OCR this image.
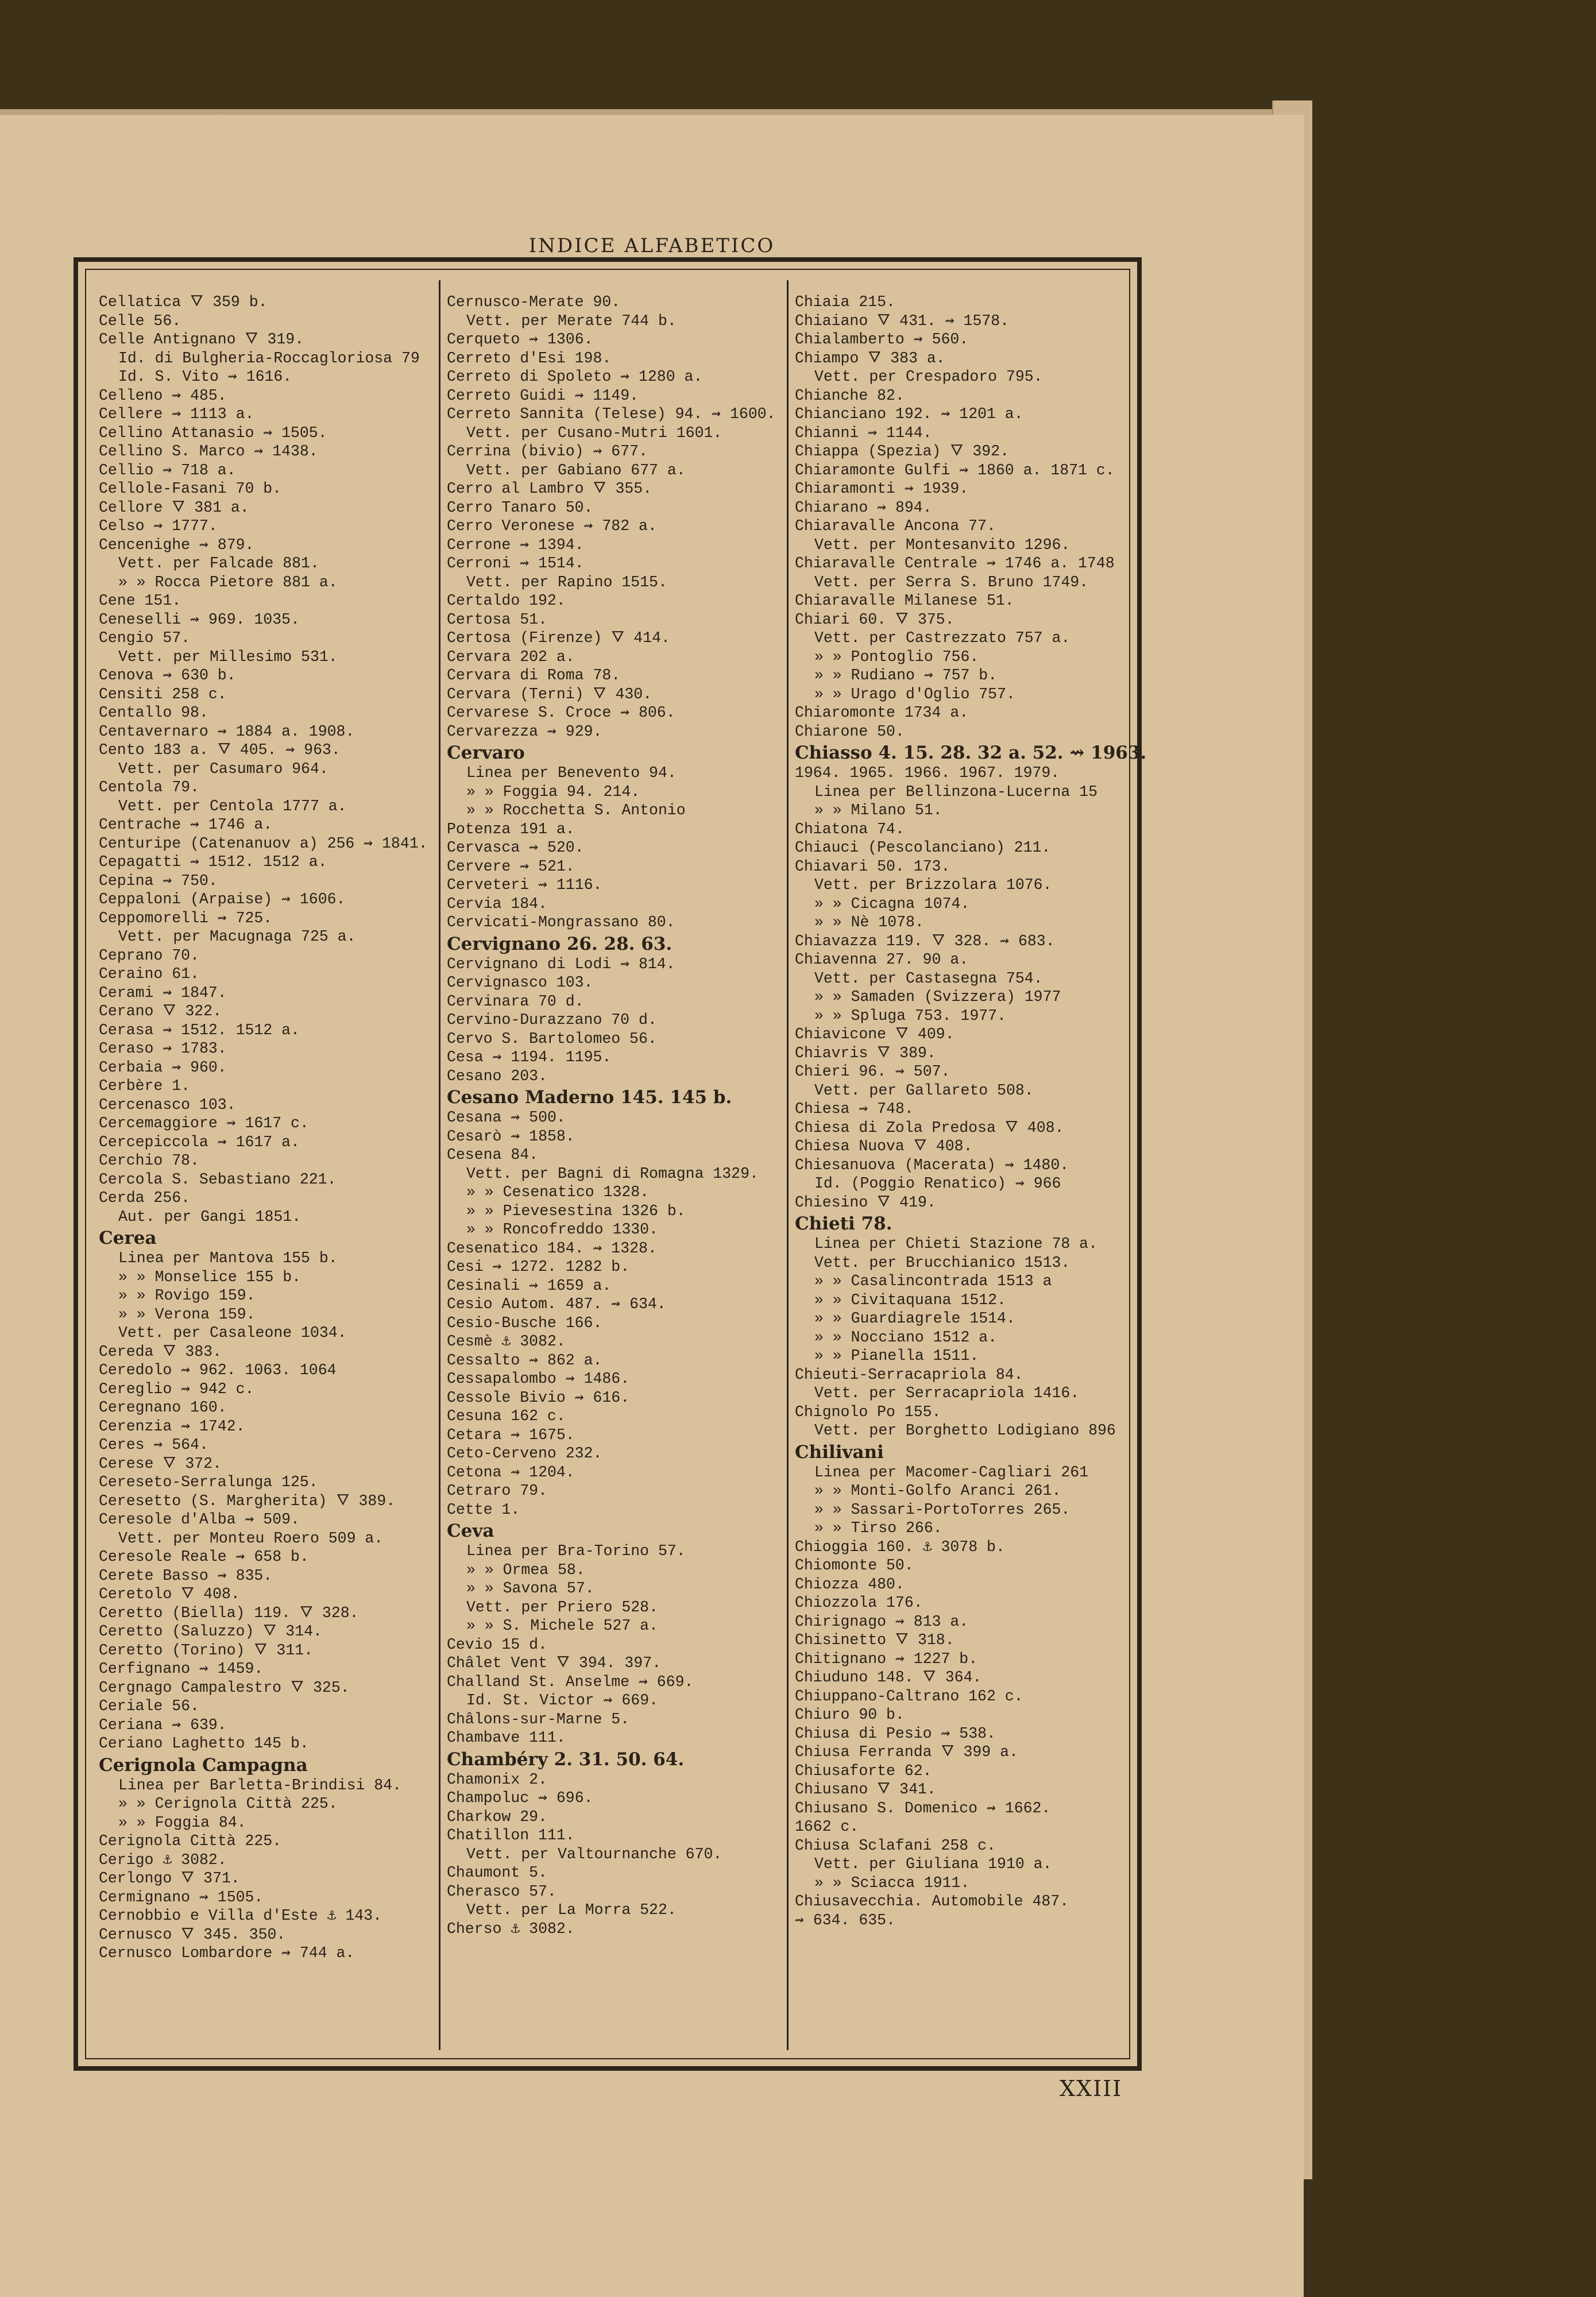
INDICE ALFABETICO
Cellatica 🜄 359 b.
Celle 56.
Celle Antignano 🜄 319.
Id. di Bulgheria-Roccagloriosa 79
Id. S. Vito ⇝ 1616.
Celleno ⇝ 485.
Cellere ⇝ 1113 a.
Cellino Attanasio ⇝ 1505.
Cellino S. Marco ⇝ 1438.
Cellio ⇝ 718 a.
Cellole-Fasani 70 b.
Cellore 🜄 381 a.
Celso ⇝ 1777.
Cencenighe ⇝ 879.
Vett. per Falcade 881.
» » Rocca Pietore 881 a.
Cene 151.
Ceneselli ⇝ 969. 1035.
Cengio 57.
Vett. per Millesimo 531.
Cenova ⇝ 630 b.
Censiti 258 c.
Centallo 98.
Centavernaro ⇝ 1884 a. 1908.
Cento 183 a. 🜄 405. ⇝ 963.
Vett. per Casumaro 964.
Centola 79.
Vett. per Centola 1777 a.
Centrache ⇝ 1746 a.
Centuripe (Catenanuov a) 256 ⇝ 1841.
Cepagatti ⇝ 1512. 1512 a.
Cepina ⇝ 750.
Ceppaloni (Arpaise) ⇝ 1606.
Ceppomorelli ⇝ 725.
Vett. per Macugnaga 725 a.
Ceprano 70.
Ceraino 61.
Cerami ⇝ 1847.
Cerano 🜄 322.
Cerasa ⇝ 1512. 1512 a.
Ceraso ⇝ 1783.
Cerbaia ⇝ 960.
Cerbère 1.
Cercenasco 103.
Cercemaggiore ⇝ 1617 c.
Cercepiccola ⇝ 1617 a.
Cerchio 78.
Cercola S. Sebastiano 221.
Cerda 256.
Aut. per Gangi 1851.
Cerea
Linea per Mantova 155 b.
» » Monselice 155 b.
» » Rovigo 159.
» » Verona 159.
Vett. per Casaleone 1034.
Cereda 🜄 383.
Ceredolo ⇝ 962. 1063. 1064
Cereglio ⇝ 942 c.
Ceregnano 160.
Cerenzia ⇝ 1742.
Ceres ⇝ 564.
Cerese 🜄 372.
Cereseto-Serralunga 125.
Ceresetto (S. Margherita) 🜄 389.
Ceresole d'Alba ⇝ 509.
Vett. per Monteu Roero 509 a.
Ceresole Reale ⇝ 658 b.
Cerete Basso ⇝ 835.
Ceretolo 🜄 408.
Ceretto (Biella) 119. 🜄 328.
Ceretto (Saluzzo) 🜄 314.
Ceretto (Torino) 🜄 311.
Cerfignano ⇝ 1459.
Cergnago Campalestro 🜄 325.
Ceriale 56.
Ceriana ⇝ 639.
Ceriano Laghetto 145 b.
Cerignola Campagna
Linea per Barletta-Brindisi 84.
» » Cerignola Città 225.
» » Foggia 84.
Cerignola Città 225.
Cerigo ⚓ 3082.
Cerlongo 🜄 371.
Cermignano ⇝ 1505.
Cernobbio e Villa d'Este ⚓ 143.
Cernusco 🜄 345. 350.
Cernusco Lombardore ⇝ 744 a.
Cernusco-Merate 90.
Vett. per Merate 744 b.
Cerqueto ⇝ 1306.
Cerreto d'Esi 198.
Cerreto di Spoleto ⇝ 1280 a.
Cerreto Guidi ⇝ 1149.
Cerreto Sannita (Telese) 94. ⇝ 1600.
Vett. per Cusano-Mutri 1601.
Cerrina (bivio) ⇝ 677.
Vett. per Gabiano 677 a.
Cerro al Lambro 🜄 355.
Cerro Tanaro 50.
Cerro Veronese ⇝ 782 a.
Cerrone ⇝ 1394.
Cerroni ⇝ 1514.
Vett. per Rapino 1515.
Certaldo 192.
Certosa 51.
Certosa (Firenze) 🜄 414.
Cervara 202 a.
Cervara di Roma 78.
Cervara (Terni) 🜄 430.
Cervarese S. Croce ⇝ 806.
Cervarezza ⇝ 929.
Cervaro
Linea per Benevento 94.
» » Foggia 94. 214.
» » Rocchetta S. Antonio
Potenza 191 a.
Cervasca ⇝ 520.
Cervere ⇝ 521.
Cerveteri ⇝ 1116.
Cervia 184.
Cervicati-Mongrassano 80.
Cervignano 26. 28. 63.
Cervignano di Lodi ⇝ 814.
Cervignasco 103.
Cervinara 70 d.
Cervino-Durazzano 70 d.
Cervo S. Bartolomeo 56.
Cesa ⇝ 1194. 1195.
Cesano 203.
Cesano Maderno 145. 145 b.
Cesana ⇝ 500.
Cesarò ⇝ 1858.
Cesena 84.
Vett. per Bagni di Romagna 1329.
» » Cesenatico 1328.
» » Pievesestina 1326 b.
» » Roncofreddo 1330.
Cesenatico 184. ⇝ 1328.
Cesi ⇝ 1272. 1282 b.
Cesinali ⇝ 1659 a.
Cesio Autom. 487. ⇝ 634.
Cesio-Busche 166.
Cesmè ⚓ 3082.
Cessalto ⇝ 862 a.
Cessapalombo ⇝ 1486.
Cessole Bivio ⇝ 616.
Cesuna 162 c.
Cetara ⇝ 1675.
Ceto-Cerveno 232.
Cetona ⇝ 1204.
Cetraro 79.
Cette 1.
Ceva
Linea per Bra-Torino 57.
» » Ormea 58.
» » Savona 57.
Vett. per Priero 528.
» » S. Michele 527 a.
Cevio 15 d.
Châlet Vent 🜄 394. 397.
Challand St. Anselme ⇝ 669.
Id. St. Victor ⇝ 669.
Châlons-sur-Marne 5.
Chambave 111.
Chambéry 2. 31. 50. 64.
Chamonix 2.
Champoluc ⇝ 696.
Charkow 29.
Chatillon 111.
Vett. per Valtournanche 670.
Chaumont 5.
Cherasco 57.
Vett. per La Morra 522.
Cherso ⚓ 3082.
Chiaia 215.
Chiaiano 🜄 431. ⇝ 1578.
Chialamberto ⇝ 560.
Chiampo 🜄 383 a.
Vett. per Crespadoro 795.
Chianche 82.
Chianciano 192. ⇝ 1201 a.
Chianni ⇝ 1144.
Chiappa (Spezia) 🜄 392.
Chiaramonte Gulfi ⇝ 1860 a. 1871 c.
Chiaramonti ⇝ 1939.
Chiarano ⇝ 894.
Chiaravalle Ancona 77.
Vett. per Montesanvito 1296.
Chiaravalle Centrale ⇝ 1746 a. 1748
Vett. per Serra S. Bruno 1749.
Chiaravalle Milanese 51.
Chiari 60. 🜄 375.
Vett. per Castrezzato 757 a.
» » Pontoglio 756.
» » Rudiano ⇝ 757 b.
» » Urago d'Oglio 757.
Chiaromonte 1734 a.
Chiarone 50.
Chiasso 4. 15. 28. 32 a. 52. ⇝ 1963.
1964. 1965. 1966. 1967. 1979.
Linea per Bellinzona-Lucerna 15
» » Milano 51.
Chiatona 74.
Chiauci (Pescolanciano) 211.
Chiavari 50. 173.
Vett. per Brizzolara 1076.
» » Cicagna 1074.
» » Nè 1078.
Chiavazza 119. 🜄 328. ⇝ 683.
Chiavenna 27. 90 a.
Vett. per Castasegna 754.
» » Samaden (Svizzera) 1977
» » Spluga 753. 1977.
Chiavicone 🜄 409.
Chiavris 🜄 389.
Chieri 96. ⇝ 507.
Vett. per Gallareto 508.
Chiesa ⇝ 748.
Chiesa di Zola Predosa 🜄 408.
Chiesa Nuova 🜄 408.
Chiesanuova (Macerata) ⇝ 1480.
Id. (Poggio Renatico) ⇝ 966
Chiesino 🜄 419.
Chieti 78.
Linea per Chieti Stazione 78 a.
Vett. per Brucchianico 1513.
» » Casalincontrada 1513 a
» » Civitaquana 1512.
» » Guardiagrele 1514.
» » Nocciano 1512 a.
» » Pianella 1511.
Chieuti-Serracapriola 84.
Vett. per Serracapriola 1416.
Chignolo Po 155.
Vett. per Borghetto Lodigiano 896
Chilivani
Linea per Macomer-Cagliari 261
» » Monti-Golfo Aranci 261.
» » Sassari-PortoTorres 265.
» » Tirso 266.
Chioggia 160. ⚓ 3078 b.
Chiomonte 50.
Chiozza 480.
Chiozzola 176.
Chirignago ⇝ 813 a.
Chisinetto 🜄 318.
Chitignano ⇝ 1227 b.
Chiuduno 148. 🜄 364.
Chiuppano-Caltrano 162 c.
Chiuro 90 b.
Chiusa di Pesio ⇝ 538.
Chiusa Ferranda 🜄 399 a.
Chiusaforte 62.
Chiusano 🜄 341.
Chiusano S. Domenico ⇝ 1662.
1662 c.
Chiusa Sclafani 258 c.
Vett. per Giuliana 1910 a.
» » Sciacca 1911.
Chiusavecchia. Automobile 487.
⇝ 634. 635.
XXIII
